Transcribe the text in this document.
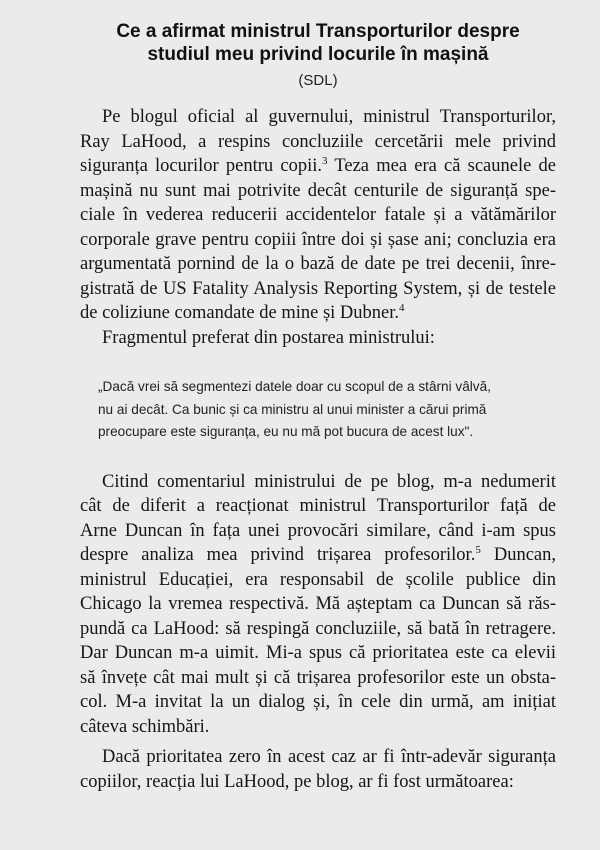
Ce a afirmat ministrul Transporturilor despre
studiul meu privind locurile în mașină
(SDL)

Pe blogul oficial al guvernului, ministrul Transporturilor,
Ray LaHood, a respins concluziile cercetării mele privind
siguranța locurilor pentru copii.$^3$ Teza mea era că scaunele de
mașină nu sunt mai potrivite decât centurile de siguranță spe-
ciale în vederea reducerii accidentelor fatale și a vătămărilor
corporale grave pentru copiii între doi și șase ani; concluzia era
argumentată pornind de la o bază de date pe trei decenii, înre-
gistrată de US Fatality Analysis Reporting System, și de testele
de coliziune comandate de mine și Dubner.$^4$

Fragmentul preferat din postarea ministrului:

„Dacă vrei să segmentezi datele doar cu scopul de a stârni vâlvă,
nu ai decât. Ca bunic și ca ministru al unui minister a cărui primă
preocupare este siguranța, eu nu mă pot bucura de acest lux".

Citind comentariul ministrului de pe blog, m-a nedumerit
cât de diferit a reacționat ministrul Transporturilor față de
Arne Duncan în fața unei provocări similare, când i-am spus
despre analiza mea privind trișarea profesorilor.$^5$ Duncan,
ministrul Educației, era responsabil de școlile publice din
Chicago la vremea respectivă. Mă așteptam ca Duncan să răs-
pundă ca LaHood: să respingă concluziile, să bată în retragere.
Dar Duncan m-a uimit. Mi-a spus că prioritatea este ca elevii
să învețe cât mai mult și că trișarea profesorilor este un obsta-
col. M-a invitat la un dialog și, în cele din urmă, am inițiat
câteva schimbări.

Dacă prioritatea zero în acest caz ar fi într-adevăr siguranța
copiilor, reacția lui LaHood, pe blog, ar fi fost următoarea:
